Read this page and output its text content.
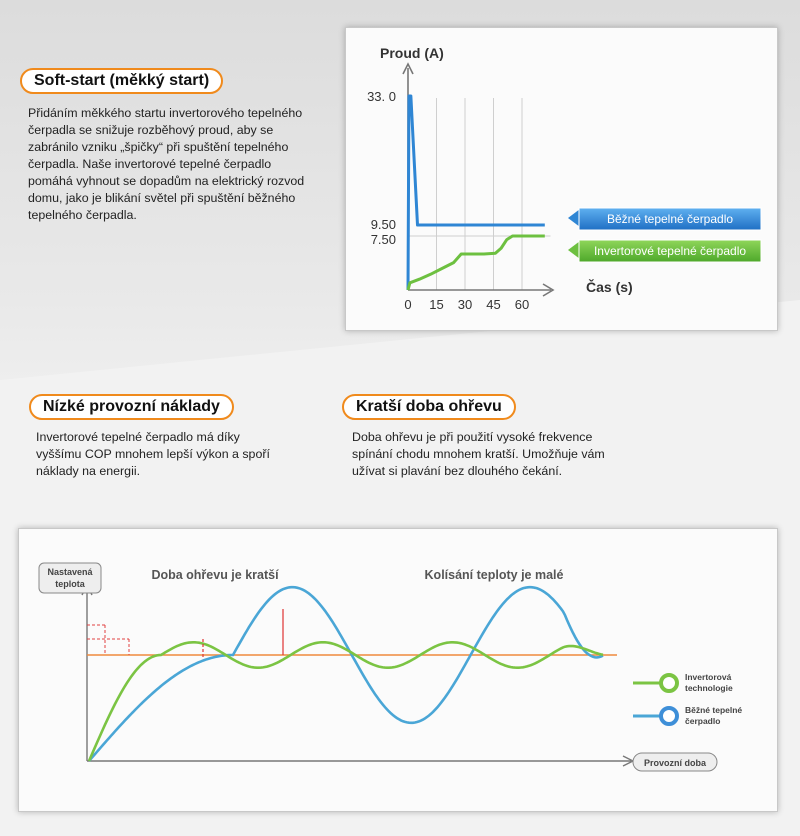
Soft-start (měkký start)
Přidáním měkkého startu invertorového tepelného
čerpadla se snižuje rozběhový proud, aby se
zabránilo vzniku „špičky“ při spuštění tepelného
čerpadla. Naše invertorové tepelné čerpadlo
pomáhá vyhnout se dopadům na elektrický rozvod
domu, jako je blikání světel při spuštění běžného
tepelného čerpadla.
Proud (A)
Čas (s)
0 15 30 45 60
33. 0
9.50
7.50
Běžné tepelné čerpadlo
Invertorové tepelné čerpadlo
Nízké provozní náklady
Invertorové tepelné čerpadlo má díky
vyššímu COP mnohem lepší výkon a spoří
náklady na energii.
Kratší doba ohřevu
Doba ohřevu je při použití vysoké frekvence
spínání chodu mnohem kratší. Umožňuje vám
užívat si plavání bez dlouhého čekání.
Nastavená
teplota
Provozní doba
Doba ohřevu je kratší	Kolísání teploty je malé
Invertorová
technologie
Běžné tepelné
čerpadlo
